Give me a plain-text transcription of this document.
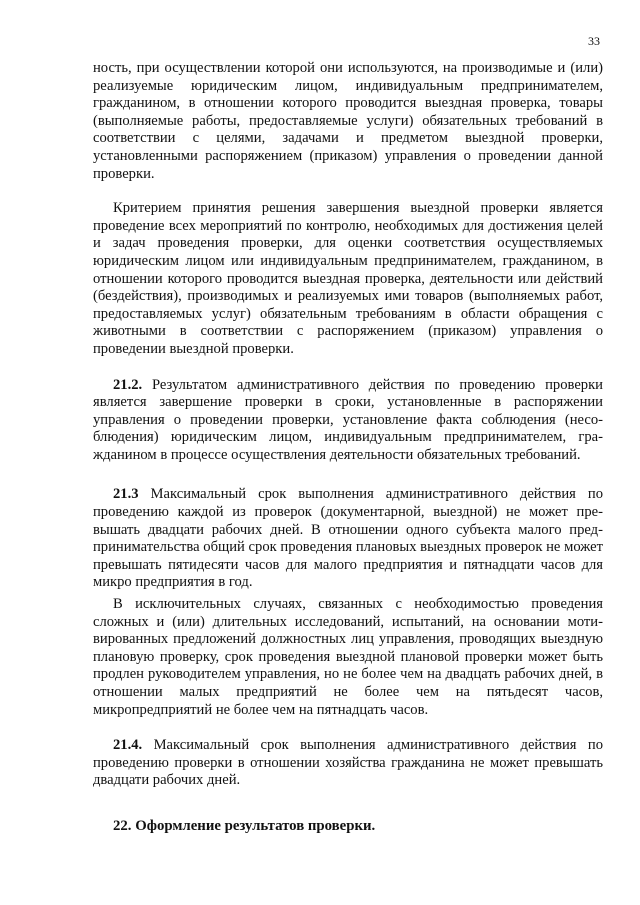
33

ность, при осуществлении которой они используются, на производимые и (или) реализуемые юридическим лицом, индивидуальным предпринимателем, гражданином, в отношении которого проводится выездная проверка, товары (выполняемые работы, предоставляемые услуги) обязательных требований в соответствии с целями, задачами и предметом выездной проверки, установленными распоряжением (приказом) управления о проведении данной проверки.

Критерием принятия решения завершения выездной проверки является проведение всех мероприятий по контролю, необходимых для достижения целей и задач проведения проверки, для оценки соответствия осуществляемых юридическим лицом или индивидуальным предпринимателем, гражданином, в отношении которого проводится выездная проверка, деятельности или действий (бездействия), производимых и реализуемых ими товаров (выполняемых работ, предоставляемых услуг) обязательным требованиям в области обращения с животными в соответствии с распоряжением (приказом) управления о проведении выездной проверки.

21.2. Результатом административного действия по проведению проверки является завершение проверки в сроки, установленные в распоряжении управления о проведении проверки, установление факта соблюдения (несоблюдения) юридическим лицом, индивидуальным предпринимателем, гражданином в процессе осуществления деятельности обязательных требований.

21.3 Максимальный срок выполнения административного действия по проведению каждой из проверок (документарной, выездной) не может превышать двадцати рабочих дней. В отношении одного субъекта малого предпринимательства общий срок проведения плановых выездных проверок не может превышать пятидесяти часов для малого предприятия и пятнадцати часов для микро предприятия в год.

В исключительных случаях, связанных с необходимостью проведения сложных и (или) длительных исследований, испытаний, на основании мотивированных предложений должностных лиц управления, проводящих выездную плановую проверку, срок проведения выездной плановой проверки может быть продлен руководителем управления, но не более чем на двадцать рабочих дней, в отношении малых предприятий не более чем на пятьдесят часов, микропредприятий не более чем на пятнадцать часов.

21.4. Максимальный срок выполнения административного действия по проведению проверки в отношении хозяйства гражданина не может превышать двадцати рабочих дней.

22. Оформление результатов проверки.
